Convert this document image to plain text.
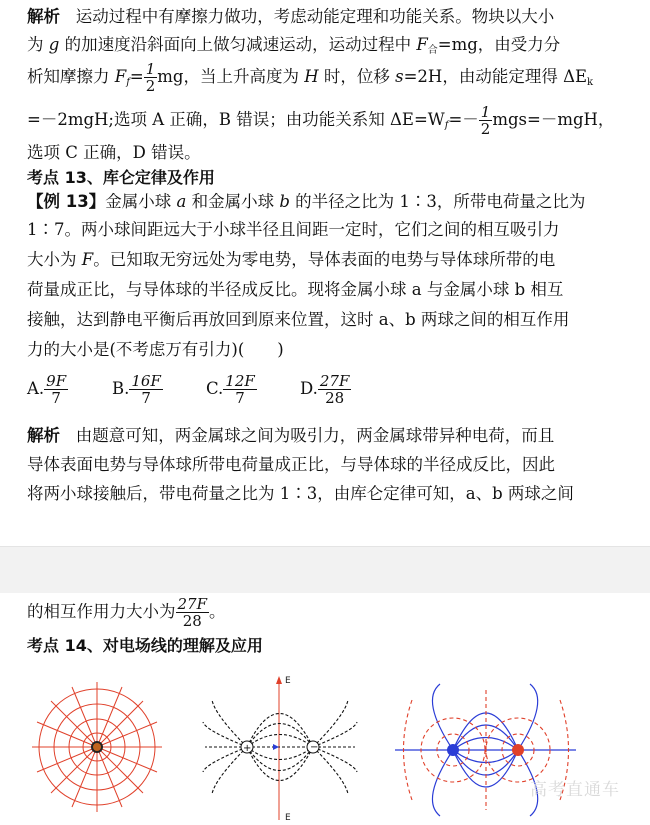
解析 运动过程中有摩擦力做功，考虑动能定理和功能关系。物块以大小
为 g 的加速度沿斜面向上做匀减速运动，运动过程中 $F_合=mg$，由受力分
析知摩擦力 $F_f= \frac{1}{2}$ mg，当上升高度为 H 时，位移 s=2H，由动能定理得 $\Delta E_k$
=－2mgH;选项 A 正确，B 错误；由功能关系知 $\Delta E=W_f=- \frac{1}{2} mgs=-mgH$，
选项 C 正确，D 错误。
考点 13、库仑定律及作用
【例 13】金属小球 a 和金属小球 b 的半径之比为 1∶3，所带电荷量之比为
1∶7。两小球间距远大于小球半径且间距一定时，它们之间的相互吸引力
大小为 F。已知取无穷远处为零电势，导体表面的电势与导体球所带的电
荷量成正比，与导体球的半径成反比。现将金属小球 a 与金属小球 b 相互
接触，达到静电平衡后再放回到原来位置，这时 a、b 两球之间的相互作用
力的大小是(不考虑万有引力)(　　)
A. $\frac{9F}{7}$	B. $\frac{16F}{7}$	C. $\frac{12F}{7}$	D. $\frac{27F}{28}$
解析 由题意可知，两金属球之间为吸引力，两金属球带异种电荷，而且
导体表面电势与导体球所带电荷量成正比，与导体球的半径成反比，因此
将两小球接触后，带电荷量之比为 1∶3，由库仑定律可知，a、b 两球之间
的相互作用力大小为 $\frac{27F}{28}$ 。
考点 14、对电场线的理解及应用
E
E
+	−
高考直通车
